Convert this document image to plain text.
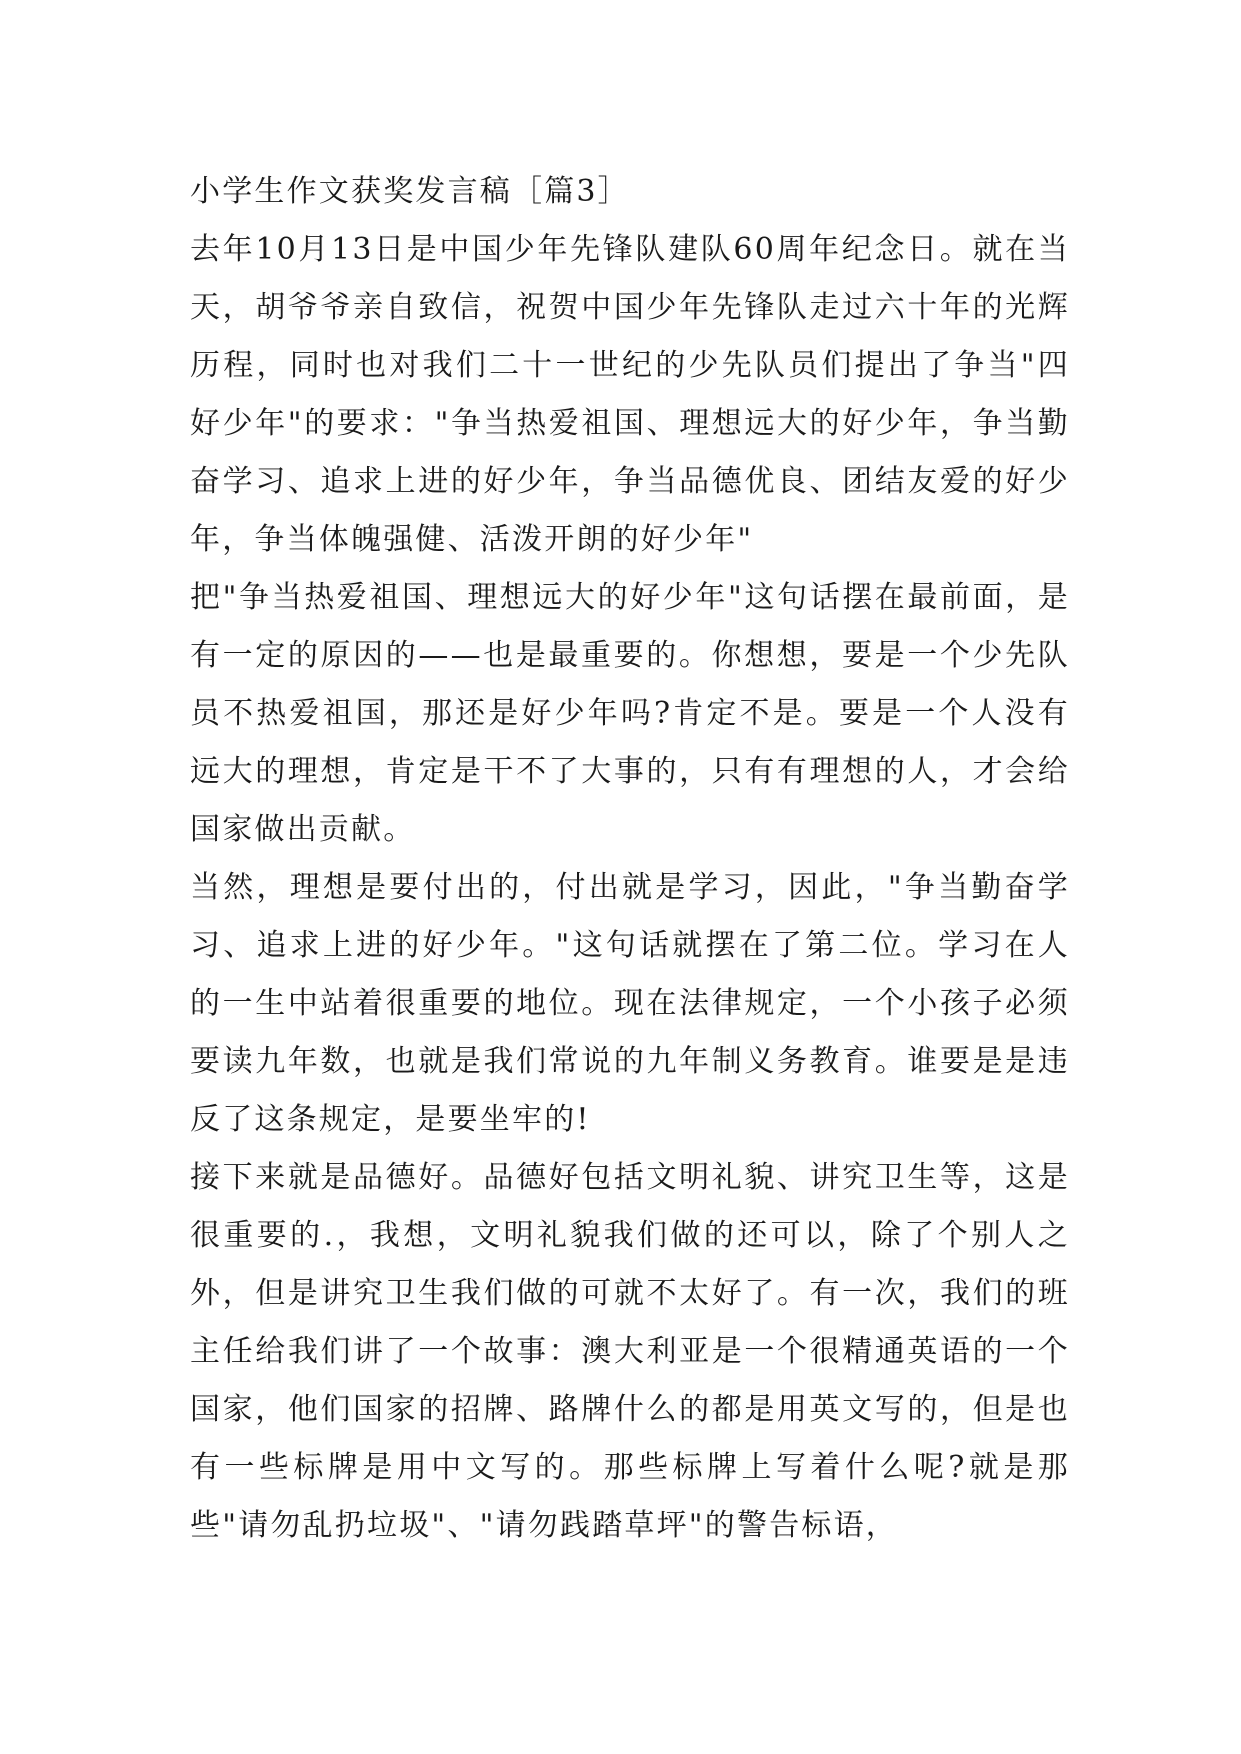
小学生作文获奖发言稿［篇3］

去年10月13日是中国少年先锋队建队60周年纪念日。就在当天，胡爷爷亲自致信，祝贺中国少年先锋队走过六十年的光辉历程，同时也对我们二十一世纪的少先队员们提出了争当"四好少年"的要求："争当热爱祖国、理想远大的好少年，争当勤奋学习、追求上进的好少年，争当品德优良、团结友爱的好少年，争当体魄强健、活泼开朗的好少年"

把"争当热爱祖国、理想远大的好少年"这句话摆在最前面，是有一定的原因的——也是最重要的。你想想，要是一个少先队员不热爱祖国，那还是好少年吗?肯定不是。要是一个人没有远大的理想，肯定是干不了大事的，只有有理想的人，才会给国家做出贡献。

当然，理想是要付出的，付出就是学习，因此，"争当勤奋学习、追求上进的好少年。"这句话就摆在了第二位。学习在人的一生中站着很重要的地位。现在法律规定，一个小孩子必须要读九年数，也就是我们常说的九年制义务教育。谁要是是违反了这条规定，是要坐牢的!

接下来就是品德好。品德好包括文明礼貌、讲究卫生等，这是很重要的.，我想，文明礼貌我们做的还可以，除了个别人之外，但是讲究卫生我们做的可就不太好了。有一次，我们的班主任给我们讲了一个故事：澳大利亚是一个很精通英语的一个国家，他们国家的招牌、路牌什么的都是用英文写的，但是也有一些标牌是用中文写的。那些标牌上写着什么呢?就是那些"请勿乱扔垃圾"、"请勿践踏草坪"的警告标语，
